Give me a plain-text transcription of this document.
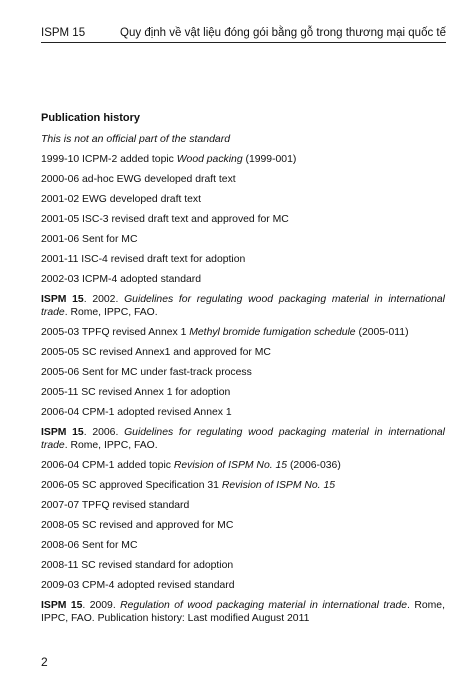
ISPM 15	Quy định về vật liệu đóng gói bằng gỗ trong thương mại quốc tế
Publication history
This is not an official part of the standard
1999-10 ICPM-2 added topic Wood packing (1999-001)
2000-06 ad-hoc EWG developed draft text
2001-02 EWG developed draft text
2001-05 ISC-3 revised draft text and approved for MC
2001-06 Sent for MC
2001-11 ISC-4 revised draft text for adoption
2002-03 ICPM-4 adopted standard
ISPM 15. 2002. Guidelines for regulating wood packaging material in international trade. Rome, IPPC, FAO.
2005-03 TPFQ revised Annex 1 Methyl bromide fumigation schedule (2005-011)
2005-05 SC revised Annex1 and approved for MC
2005-06 Sent for MC under fast-track process
2005-11 SC revised Annex 1 for adoption
2006-04 CPM-1 adopted revised Annex 1
ISPM 15. 2006. Guidelines for regulating wood packaging material in international trade. Rome, IPPC, FAO.
2006-04 CPM-1 added topic Revision of ISPM No. 15 (2006-036)
2006-05 SC approved Specification 31 Revision of ISPM No. 15
2007-07 TPFQ revised standard
2008-05 SC revised and approved for MC
2008-06 Sent for MC
2008-11 SC revised standard for adoption
2009-03 CPM-4 adopted revised standard
ISPM 15. 2009. Regulation of wood packaging material in international trade. Rome, IPPC, FAO. Publication history: Last modified August 2011
2
